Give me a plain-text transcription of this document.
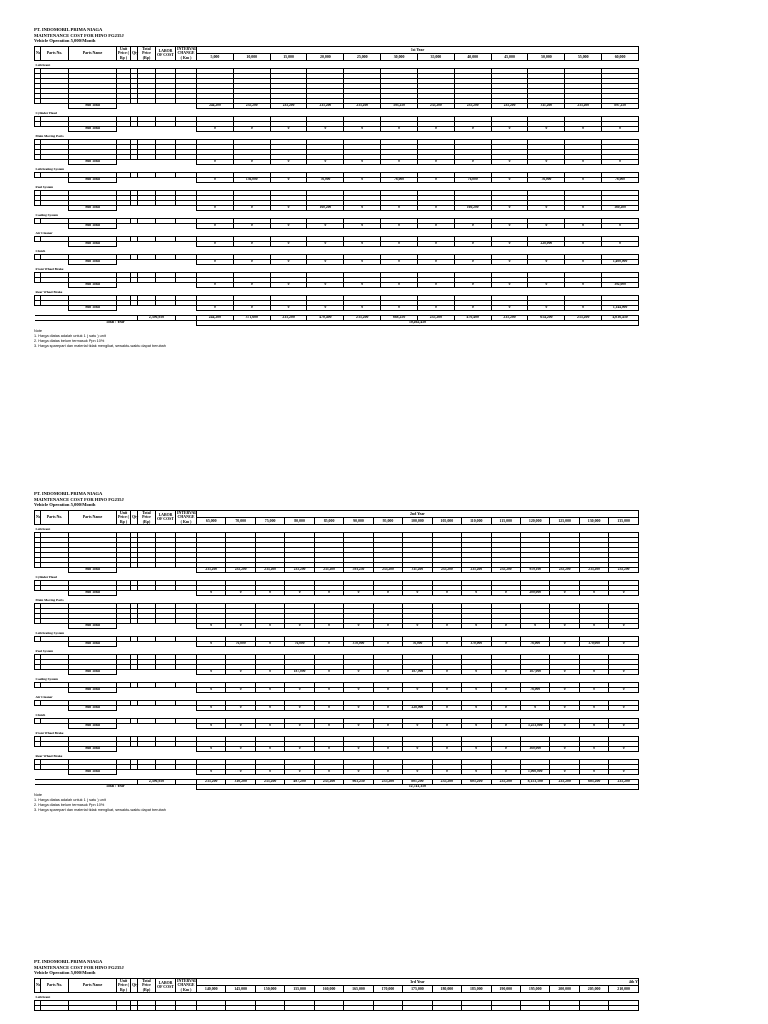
PT. INDOMOBIL PRIMA NIAGA
MAINTENANCE COST FOR HINO FG235J
Vehicle Operation 5,000/Month
No	Parts No.	Parts Name	Unit Price ( Rp )	Qty	Total Price (Rp)	LABOR OF COST	INTERVAL CHANGE ( Km )	1st Year											
								5,000	10,000	15,000	20,000	25,000	30,000	35,000	40,000	45,000	50,000	55,000	60,000
Lubricant																			

		Sub Total						244,200	235,200	235,200	235,200	235,200	593,250	235,200	235,200	235,200	311,200	235,200	897,250
Cylinder Head																			

		Sub Total						0	0	0	0	0	0	0	0	0	0	0	0
Main Moving Parts																			

		Sub Total						0	0	0	0	0	0	0	0	0	0	0	0
Lubricating System																			

		Sub Total						0	136,000	0	76,000	0	76,000	0	76,000	0	76,000	0	76,000
Fuel System																			

		Sub Total						0	0	0	160,200	0	0	0	160,200	0	0	0	160,200
Cooling System																			

		Sub Total						0	0	0	0	0	0	0	0	0	0	0	0
Air Cleaner																			

		Sub Total						0	0	0	0	0	0	0	0	0	228,000	0	0
Clutch																			

		Sub Total						0	0	0	0	0	0	0	0	0	0	0	1,400,000
Front Wheel Brake																			

		Sub Total						0	0	0	0	0	0	0	0	0	0	0	392,000
Rear Wheel Brake																			

		Sub Total						0	0	0	0	0	0	0	0	0	0	0	1,144,000

					2,396,950			244,200	371,600	235,200	470,400	235,200	668,250	235,200	470,400	235,200	614,200	235,200	4,036,450
Total / Year								10,462,450											
Note
1. Harga diatas adalah untuk 1 ( satu ) unit
2. Harga diatas belum termasuk Ppn 10%
3. Harga sparepart dan material tidak mengikat, sewaktu-waktu dapat berubah
PT. INDOMOBIL PRIMA NIAGA
MAINTENANCE COST FOR HINO FG235J
Vehicle Operation 5,000/Month
No	Parts No.	Parts Name	Unit Price ( Rp )	Qty	Total Price (Rp)	LABOR OF COST	INTERVAL CHANGE ( Km )	2nd Year														
								65,000	70,000	75,000	80,000	85,000	90,000	95,000	100,000	105,000	110,000	115,000	120,000	125,000	130,000	135,000
Lubricant																						

		Sub Total						235,200	235,200	235,200	235,200	235,200	593,250	235,200	311,200	235,200	235,200	235,200	919,100	235,200	235,200	235,200
Cylinder Head																						

		Sub Total						0	0	0	0	0	0	0	0	0	0	0	200,000	0	0	0
Main Moving Parts																						

		Sub Total						0	0	0	0	0	0	0	0	0	0	0	0	0	0	0
Lubricating System																						

		Sub Total						0	76,000	0	76,000	0	370,000	0	76,000	0	370,000	0	76,000	0	370,000	0
Fuel System																						

		Sub Total						0	0	0	187,000	0	0	0	187,000	0	0	0	187,000	0	0	0
Cooling System																						

		Sub Total						0	0	0	0	0	0	0	0	0	0	0	76,000	0	0	0
Air Cleaner																						

		Sub Total						0	0	0	0	0	0	0	228,000	0	0	0	0	0	0	0
Clutch																						

		Sub Total						0	0	0	0	0	0	0	0	0	0	0	5,253,000	0	0	0
Front Wheel Brake																						

		Sub Total						0	0	0	0	0	0	0	0	0	0	0	360,000	0	0	0
Rear Wheel Brake																						

		Sub Total						0	0	0	0	0	0	0	0	0	0	0	1,008,000	0	0	0

					2,396,950			235,200	310,200	235,200	497,200	235,200	963,250	235,200	801,200	235,200	605,200	235,200	8,153,100	235,200	605,200	235,200
Total / Year								12,741,350														
Note
1. Harga diatas adalah untuk 1 ( satu ) unit
2. Harga diatas belum termasuk Ppn 10%
3. Harga sparepart dan material tidak mengikat, sewaktu-waktu dapat berubah
PT. INDOMOBIL PRIMA NIAGA
MAINTENANCE COST FOR HINO FG235J
Vehicle Operation 5,000/Month
No	Parts No.	Parts Name	Unit Price ( Rp )	Qty	Total Price (Rp)	LABOR OF COST	INTERVAL CHANGE ( Km )	3rd Year 4th Y														

								140,000	145,000	150,000	155,000	160,000	165,000	170,000	175,000	180,000	185,000	190,000	195,000	200,000	205,000	210,000
Lubricant																						
